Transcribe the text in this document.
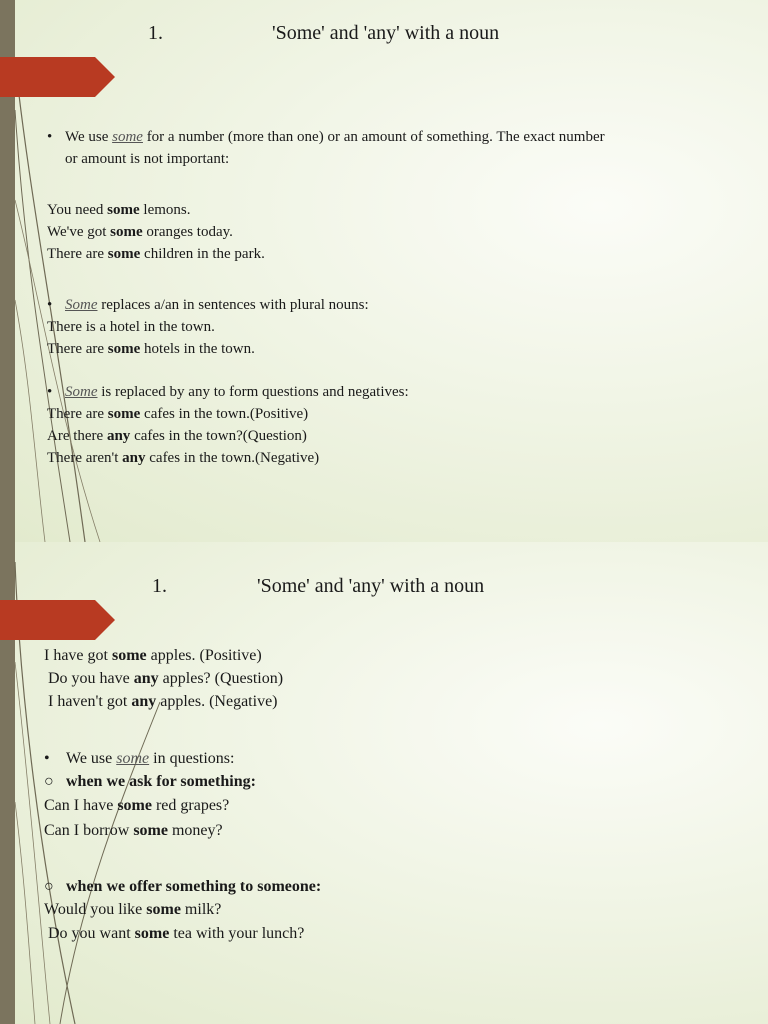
1.	'Some' and 'any' with a noun
• We use some for a number (more than one) or an amount of something. The exact number
or amount is not important:
You need some lemons.
We've got some oranges today.
There are some children in the park.
• Some replaces a/an in sentences with plural nouns:
There is a hotel in the town.
There are some hotels in the town.
• Some is replaced by any to form questions and negatives:
There are some cafes in the town.(Positive)
Are there any cafes in the town?(Question)
There aren't any cafes in the town.(Negative)
1.	'Some' and 'any' with a noun
I have got some apples. (Positive)
Do you have any apples? (Question)
I haven't got any apples. (Negative)
• We use some in questions:
○ when we ask for something:
Can I have some red grapes?
Can I borrow some money?
○ when we offer something to someone:
Would you like some milk?
Do you want some tea with your lunch?
